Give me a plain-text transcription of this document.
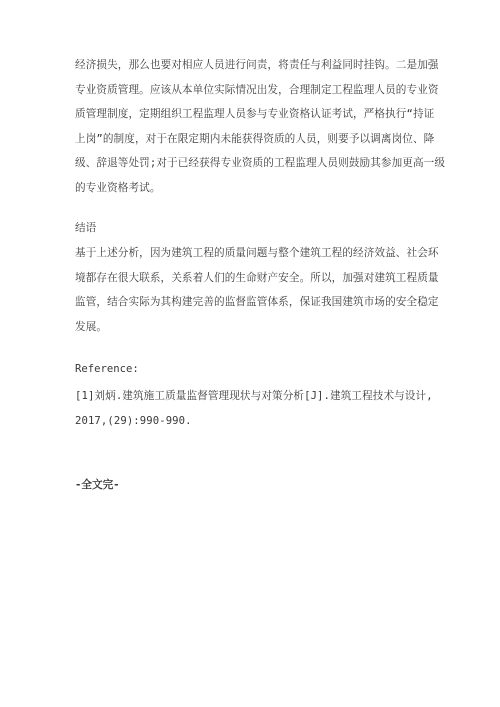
经济损失，那么也要对相应人员进行问责，将责任与利益同时挂钩。二是加强
专业资质管理。应该从本单位实际情况出发，合理制定工程监理人员的专业资
质管理制度，定期组织工程监理人员参与专业资格认证考试，严格执行“持证
上岗”的制度，对于在限定期内未能获得资质的人员，则要予以调离岗位、降
级、辞退等处罚;对于已经获得专业资质的工程监理人员则鼓励其参加更高一级
的专业资格考试。
结语
基于上述分析，因为建筑工程的质量问题与整个建筑工程的经济效益、社会环
境都存在很大联系，关系着人们的生命财产安全。所以，加强对建筑工程质量
监管，结合实际为其构建完善的监督监管体系，保证我国建筑市场的安全稳定
发展。
Reference:
[1]刘炳.建筑施工质量监督管理现状与对策分析[J].建筑工程技术与设计,
2017,(29):990-990.
-全文完-
